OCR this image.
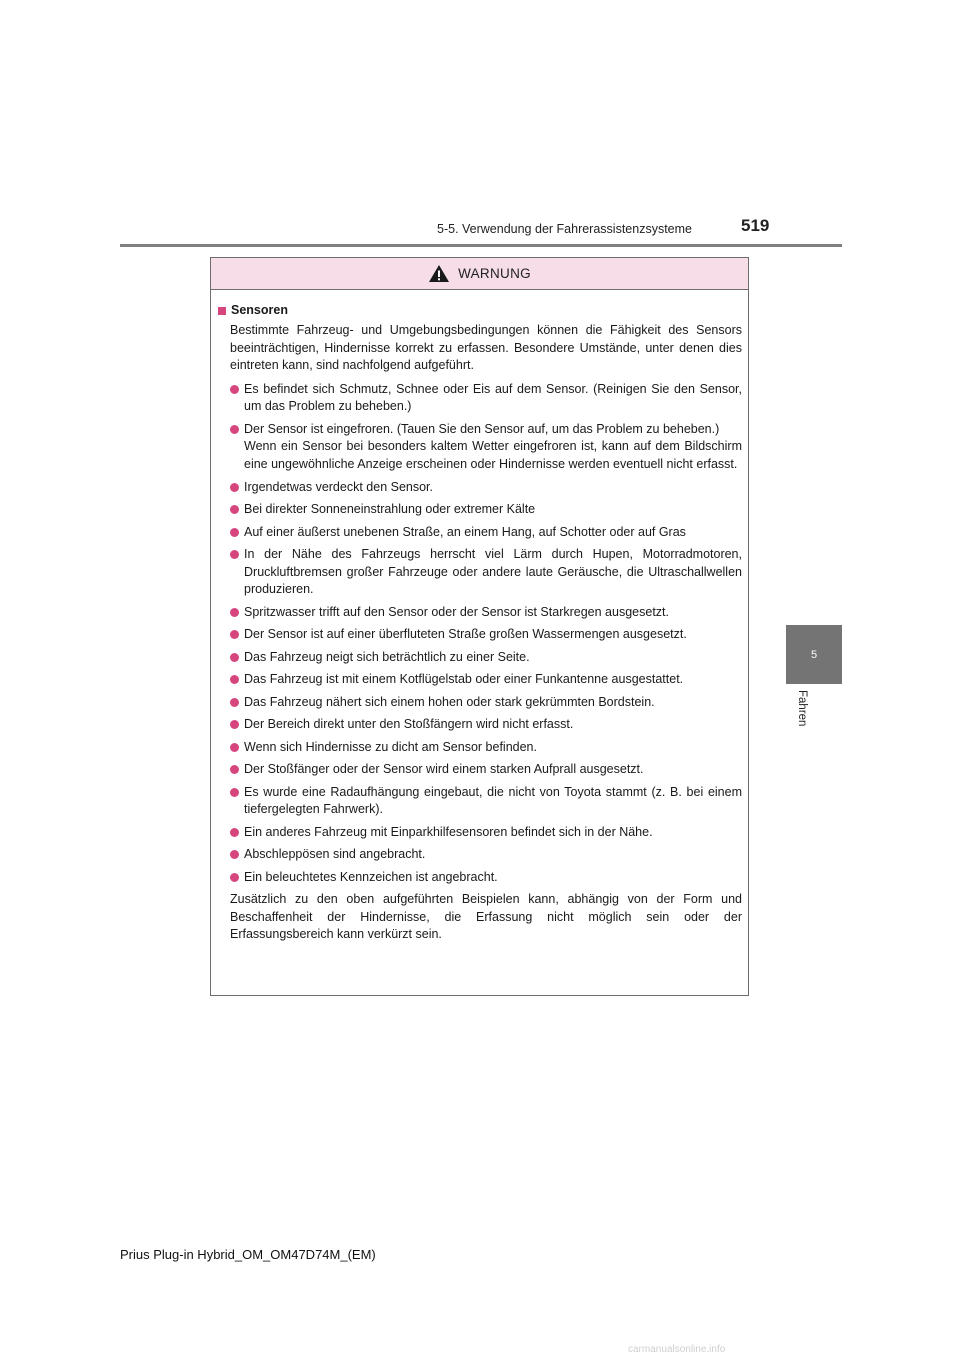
5-5. Verwendung der Fahrerassistenzsysteme	519
5
Fahren
WARNUNG
Sensoren

Bestimmte Fahrzeug- und Umgebungsbedingungen können die Fähigkeit des Sensors beeinträchtigen, Hindernisse korrekt zu erfassen. Besondere Umstände, unter denen dies eintreten kann, sind nachfolgend aufgeführt.

Es befindet sich Schmutz, Schnee oder Eis auf dem Sensor. (Reinigen Sie den Sensor, um das Problem zu beheben.)
Der Sensor ist eingefroren. (Tauen Sie den Sensor auf, um das Problem zu beheben.)
Wenn ein Sensor bei besonders kaltem Wetter eingefroren ist, kann auf dem Bildschirm eine ungewöhnliche Anzeige erscheinen oder Hindernisse werden eventuell nicht erfasst.
Irgendetwas verdeckt den Sensor.
Bei direkter Sonneneinstrahlung oder extremer Kälte
Auf einer äußerst unebenen Straße, an einem Hang, auf Schotter oder auf Gras
In der Nähe des Fahrzeugs herrscht viel Lärm durch Hupen, Motorradmotoren, Druckluftbremsen großer Fahrzeuge oder andere laute Geräusche, die Ultraschallwellen produzieren.
Spritzwasser trifft auf den Sensor oder der Sensor ist Starkregen ausgesetzt.
Der Sensor ist auf einer überfluteten Straße großen Wassermengen ausgesetzt.
Das Fahrzeug neigt sich beträchtlich zu einer Seite.
Das Fahrzeug ist mit einem Kotflügelstab oder einer Funkantenne ausgestattet.
Das Fahrzeug nähert sich einem hohen oder stark gekrümmten Bordstein.
Der Bereich direkt unter den Stoßfängern wird nicht erfasst.
Wenn sich Hindernisse zu dicht am Sensor befinden.
Der Stoßfänger oder der Sensor wird einem starken Aufprall ausgesetzt.
Es wurde eine Radaufhängung eingebaut, die nicht von Toyota stammt (z. B. bei einem tiefergelegten Fahrwerk).
Ein anderes Fahrzeug mit Einparkhilfesensoren befindet sich in der Nähe.
Abschleppösen sind angebracht.
Ein beleuchtetes Kennzeichen ist angebracht.

Zusätzlich zu den oben aufgeführten Beispielen kann, abhängig von der Form und Beschaffenheit der Hindernisse, die Erfassung nicht möglich sein oder der Erfassungsbereich kann verkürzt sein.

Prius Plug-in Hybrid_OM_OM47D74M_(EM)
carmanualsonline.info
